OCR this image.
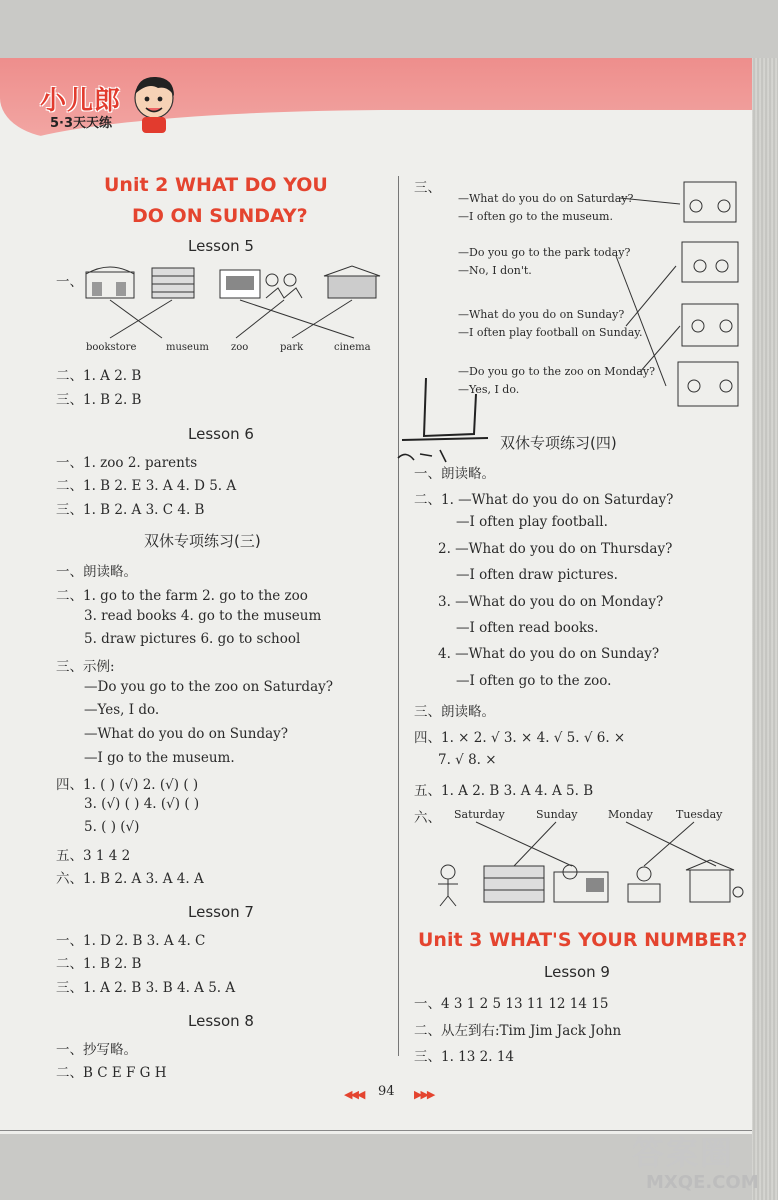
小儿郎
5·3天天练
Unit 2 WHAT DO YOU
DO ON SUNDAY?
Lesson 5
一、
bookstore	museum zoo	park	cinema
二、1. A 2. B
三、1. B 2. B
Lesson 6
一、1. zoo 2. parents
二、1. B 2. E 3. A 4. D 5. A
三、1. B 2. A 3. C 4. B
双休专项练习(三)
一、朗读略。
二、1. go to the farm 2. go to the zoo
3. read books 4. go to the museum
5. draw pictures 6. go to school
三、示例:
—Do you go to the zoo on Saturday?
—Yes, I do.
—What do you do on Sunday?
—I go to the museum.
四、1. ( ) (√) 2. (√) ( )
3. (√) ( ) 4. (√) ( )
5. ( ) (√)
五、3 1 4 2
六、1. B 2. A 3. A 4. A
Lesson 7
一、1. D 2. B 3. A 4. C
二、1. B 2. B
三、1. A 2. B 3. B 4. A 5. A
Lesson 8
一、抄写略。
二、B C E F G H
三、
—What do you do on Saturday?
—I often go to the museum.
—Do you go to the park today?
—No, I don't.
—What do you do on Sunday?
—I often play football on Sunday.
—Do you go to the zoo on Monday?
—Yes, I do.
双休专项练习(四)
一、朗读略。
二、1. —What do you do on Saturday?
—I often play football.
2. —What do you do on Thursday?
—I often draw pictures.
3. —What do you do on Monday?
—I often read books.
4. —What do you do on Sunday?
—I often go to the zoo.
三、朗读略。
四、1. × 2. √ 3. × 4. √ 5. √ 6. ×
7. √ 8. ×
五、1. A 2. B 3. A 4. A 5. B
六、 Saturday	Sunday	Monday Tuesday
Unit 3 WHAT'S YOUR NUMBER?
Lesson 9
一、4 3 1 2 5 13 11 12 14 15
二、从左到右:Tim Jim Jack John
三、1. 13 2. 14
◀◀◀ 94 ▶▶▶
答案圈
MXQE.COM
